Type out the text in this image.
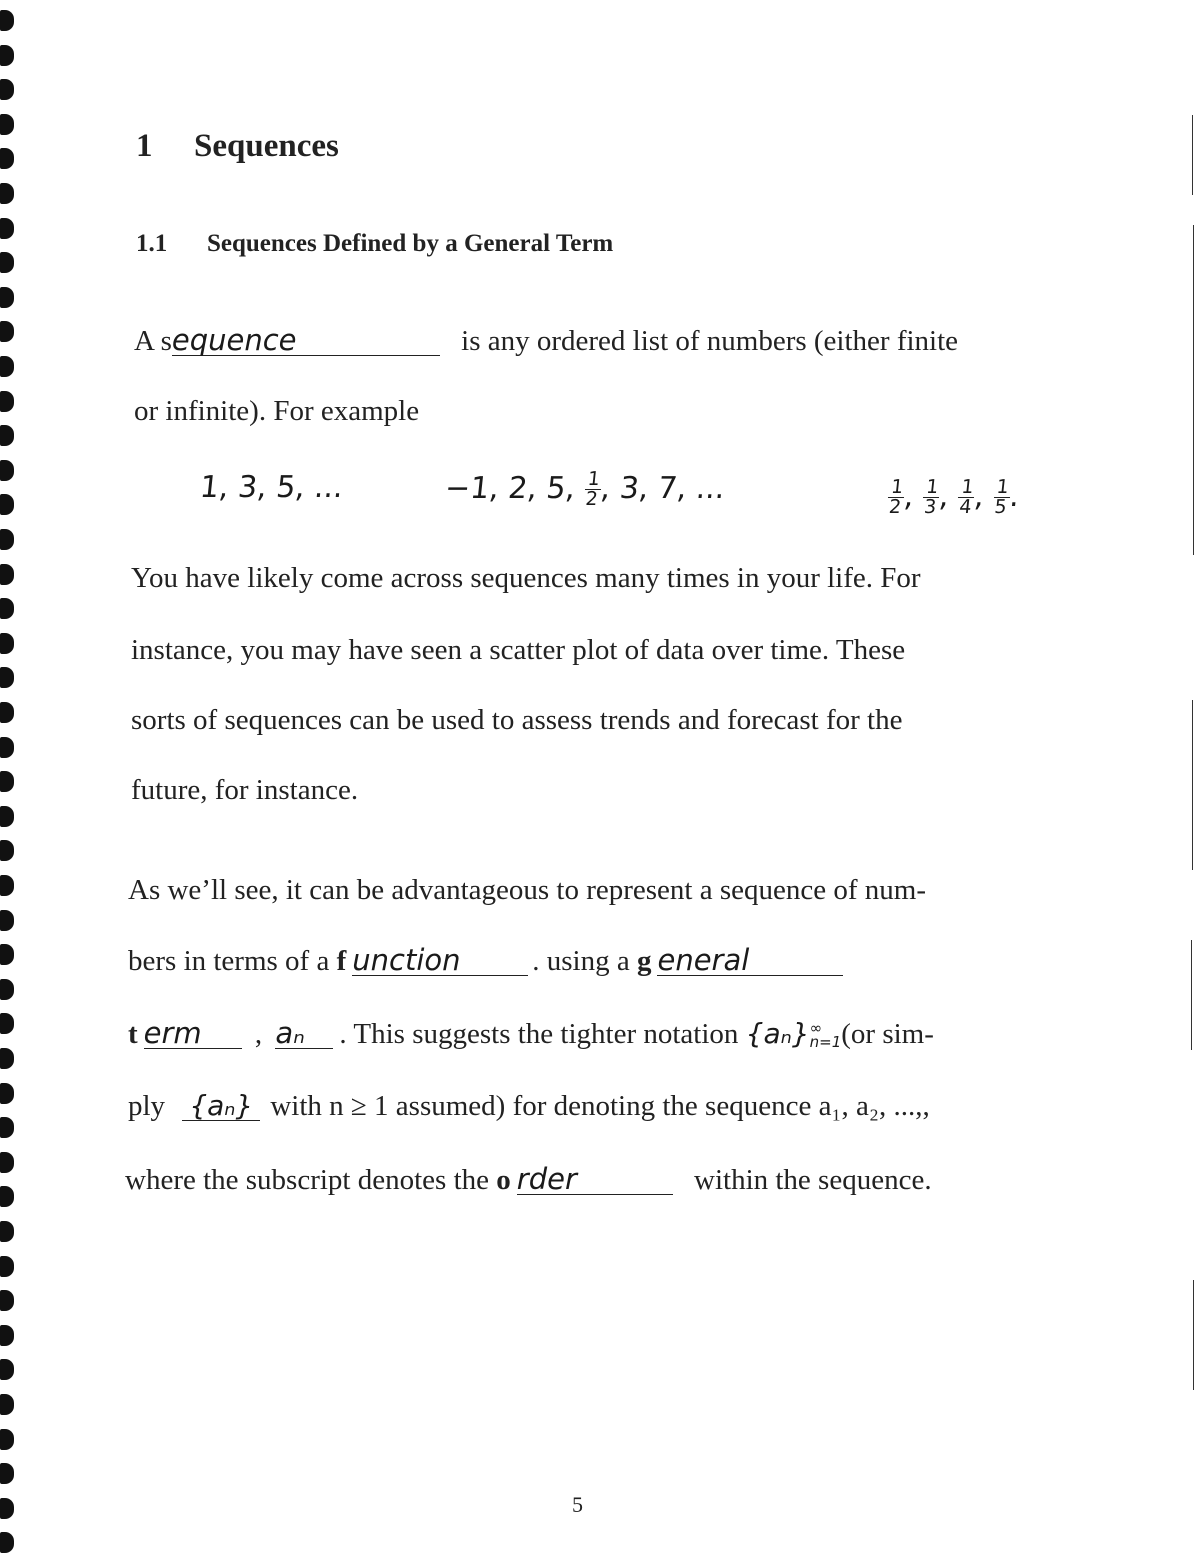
1 Sequences
1.1 Sequences Defined by a General Term
A sequence	is any ordered list of numbers (either finite
or infinite). For example
1, 3, 5, ...	−1, 2, 5, $\frac{1}{2}$
, 3, 7, ...	$\frac{1}{2}$
,
$\frac{1}{3}$
,
$\frac{1}{4}$
,
$\frac{1}{5}$
.
You have likely come across sequences many times in your life. For
instance, you may have seen a scatter plot of data over time. These
sorts of sequences can be used to assess trends and forecast for the
future, for instance.
As we’ll see, it can be advantageous to represent a sequence of num-
bers in terms of a f unction . using a g eneral
t erm , aₙ . This suggests the tighter notation {aₙ} ∞
n=1 (or sim-
ply {aₙ} with n ≥ 1 assumed) for denoting the sequence a₁, a₂, ...,,
where the subscript denotes the o rder	within the sequence.
5
